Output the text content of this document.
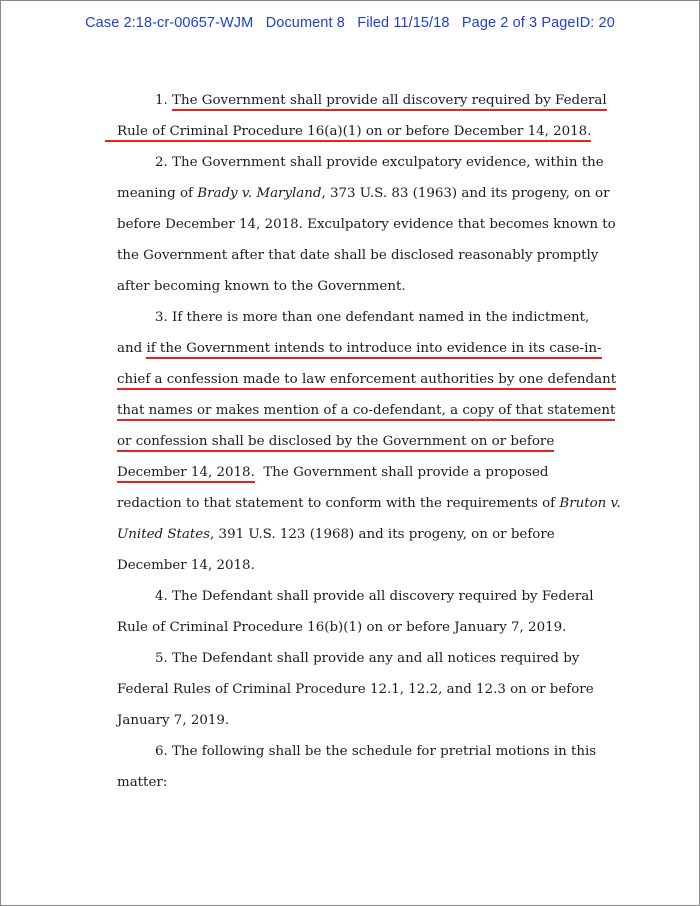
Case 2:18-cr-00657-WJM Document 8 Filed 11/15/18 Page 2 of 3 PageID: 20
1. The Government shall provide all discovery required by Federal
Rule of Criminal Procedure 16(a)(1) on or before December 14, 2018.
2. The Government shall provide exculpatory evidence, within the
meaning of Brady v. Maryland, 373 U.S. 83 (1963) and its progeny, on or
before December 14, 2018. Exculpatory evidence that becomes known to
the Government after that date shall be disclosed reasonably promptly
after becoming known to the Government.
3. If there is more than one defendant named in the indictment,
and if the Government intends to introduce into evidence in its case-in-
chief a confession made to law enforcement authorities by one defendant
that names or makes mention of a co-defendant, a copy of that statement
or confession shall be disclosed by the Government on or before
December 14, 2018.  The Government shall provide a proposed
redaction to that statement to conform with the requirements of Bruton v.
United States, 391 U.S. 123 (1968) and its progeny, on or before
December 14, 2018.
4. The Defendant shall provide all discovery required by Federal
Rule of Criminal Procedure 16(b)(1) on or before January 7, 2019.
5. The Defendant shall provide any and all notices required by
Federal Rules of Criminal Procedure 12.1, 12.2, and 12.3 on or before
January 7, 2019.
6. The following shall be the schedule for pretrial motions in this
matter:
